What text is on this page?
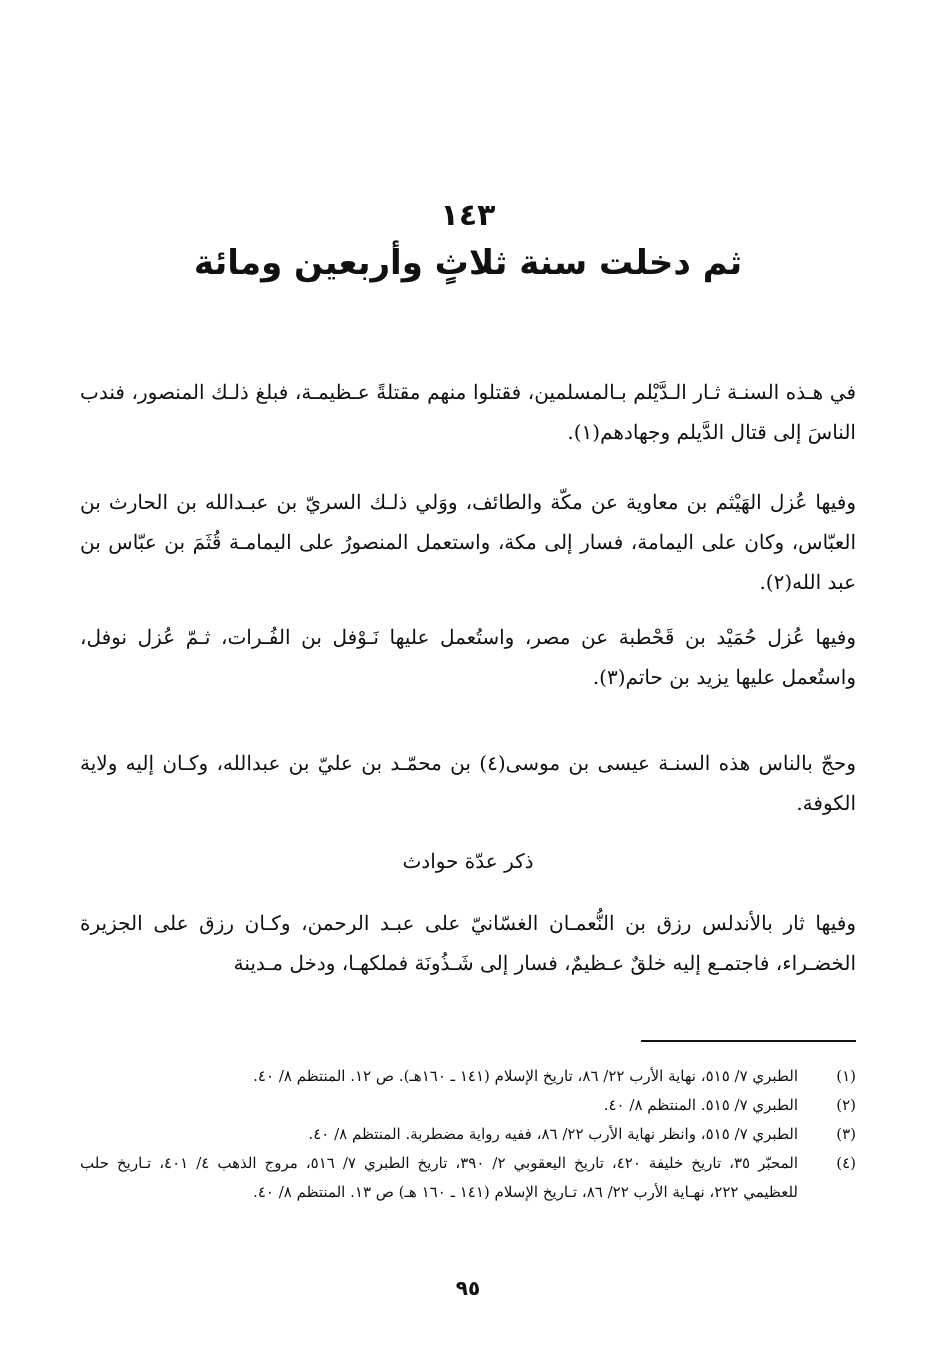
١٤٣
ثم دخلت سنة ثلاثٍ وأربعين ومائة

في هـذه السنـة ثـار الـدَّيْلم بـالمسلمين، فقتلوا منهم مقتلةً عـظيمـة، فبلغ ذلـك المنصور، فندب الناسَ إلى قتال الدَّيلم وجهادهم(١).

وفيها عُزل الهَيْثم بن معاوية عن مكّة والطائف، ووَلي ذلـك السريّ بن عبـدالله بن الحارث بن العبّاس، وكان على اليمامة، فسار إلى مكة، واستعمل المنصورُ على اليمامـة قُثَمَ بن عبّاس بن عبد الله(٢).

وفيها عُزل حُمَيْد بن قَحْطبة عن مصر، واستُعمل عليها نَـوْفل بن الفُـرات، ثـمّ عُزل نوفل، واستُعمل عليها يزيد بن حاتم(٣).

وحجّ بالناس هذه السنـة عيسى بن موسى(٤) بن محمّـد بن عليّ بن عبدالله، وكـان إليه ولاية الكوفة.

ذكر عدّة حوادث

وفيها ثار بالأندلس رزق بن النُّعمـان الغسّانيّ على عبـد الرحمن، وكـان رزق على الجزيرة الخضـراء، فاجتمـع إليه خلقٌ عـظيمٌ، فسار إلى شَـذُونَة فملكهـا، ودخل مـدينة

(١)
الطبري ٧/ ٥١٥، نهاية الأرب ٢٢/ ٨٦، تاريخ الإسلام (١٤١ ـ ١٦٠هـ). ص ١٢. المنتظم ٨/ ٤٠.
(٢)
الطبري ٧/ ٥١٥. المنتظم ٨/ ٤٠.
(٣)
الطبري ٧/ ٥١٥، وانظر نهاية الأرب ٢٢/ ٨٦، ففيه رواية مضطربة. المنتظم ٨/ ٤٠.
(٤)
المحبّر ٣٥، تاريخ خليفة ٤٢٠، تاريخ اليعقوبي ٢/ ٣٩٠، تاريخ الطبري ٧/ ٥١٦، مروج الذهب ٤/ ٤٠١، تـاريخ حلب للعظيمي ٢٢٢، نهـاية الأرب ٢٢/ ٨٦، تـاريخ الإسلام (١٤١ ـ ١٦٠ هـ) ص ١٣. المنتظم ٨/ ٤٠.
٩٥
